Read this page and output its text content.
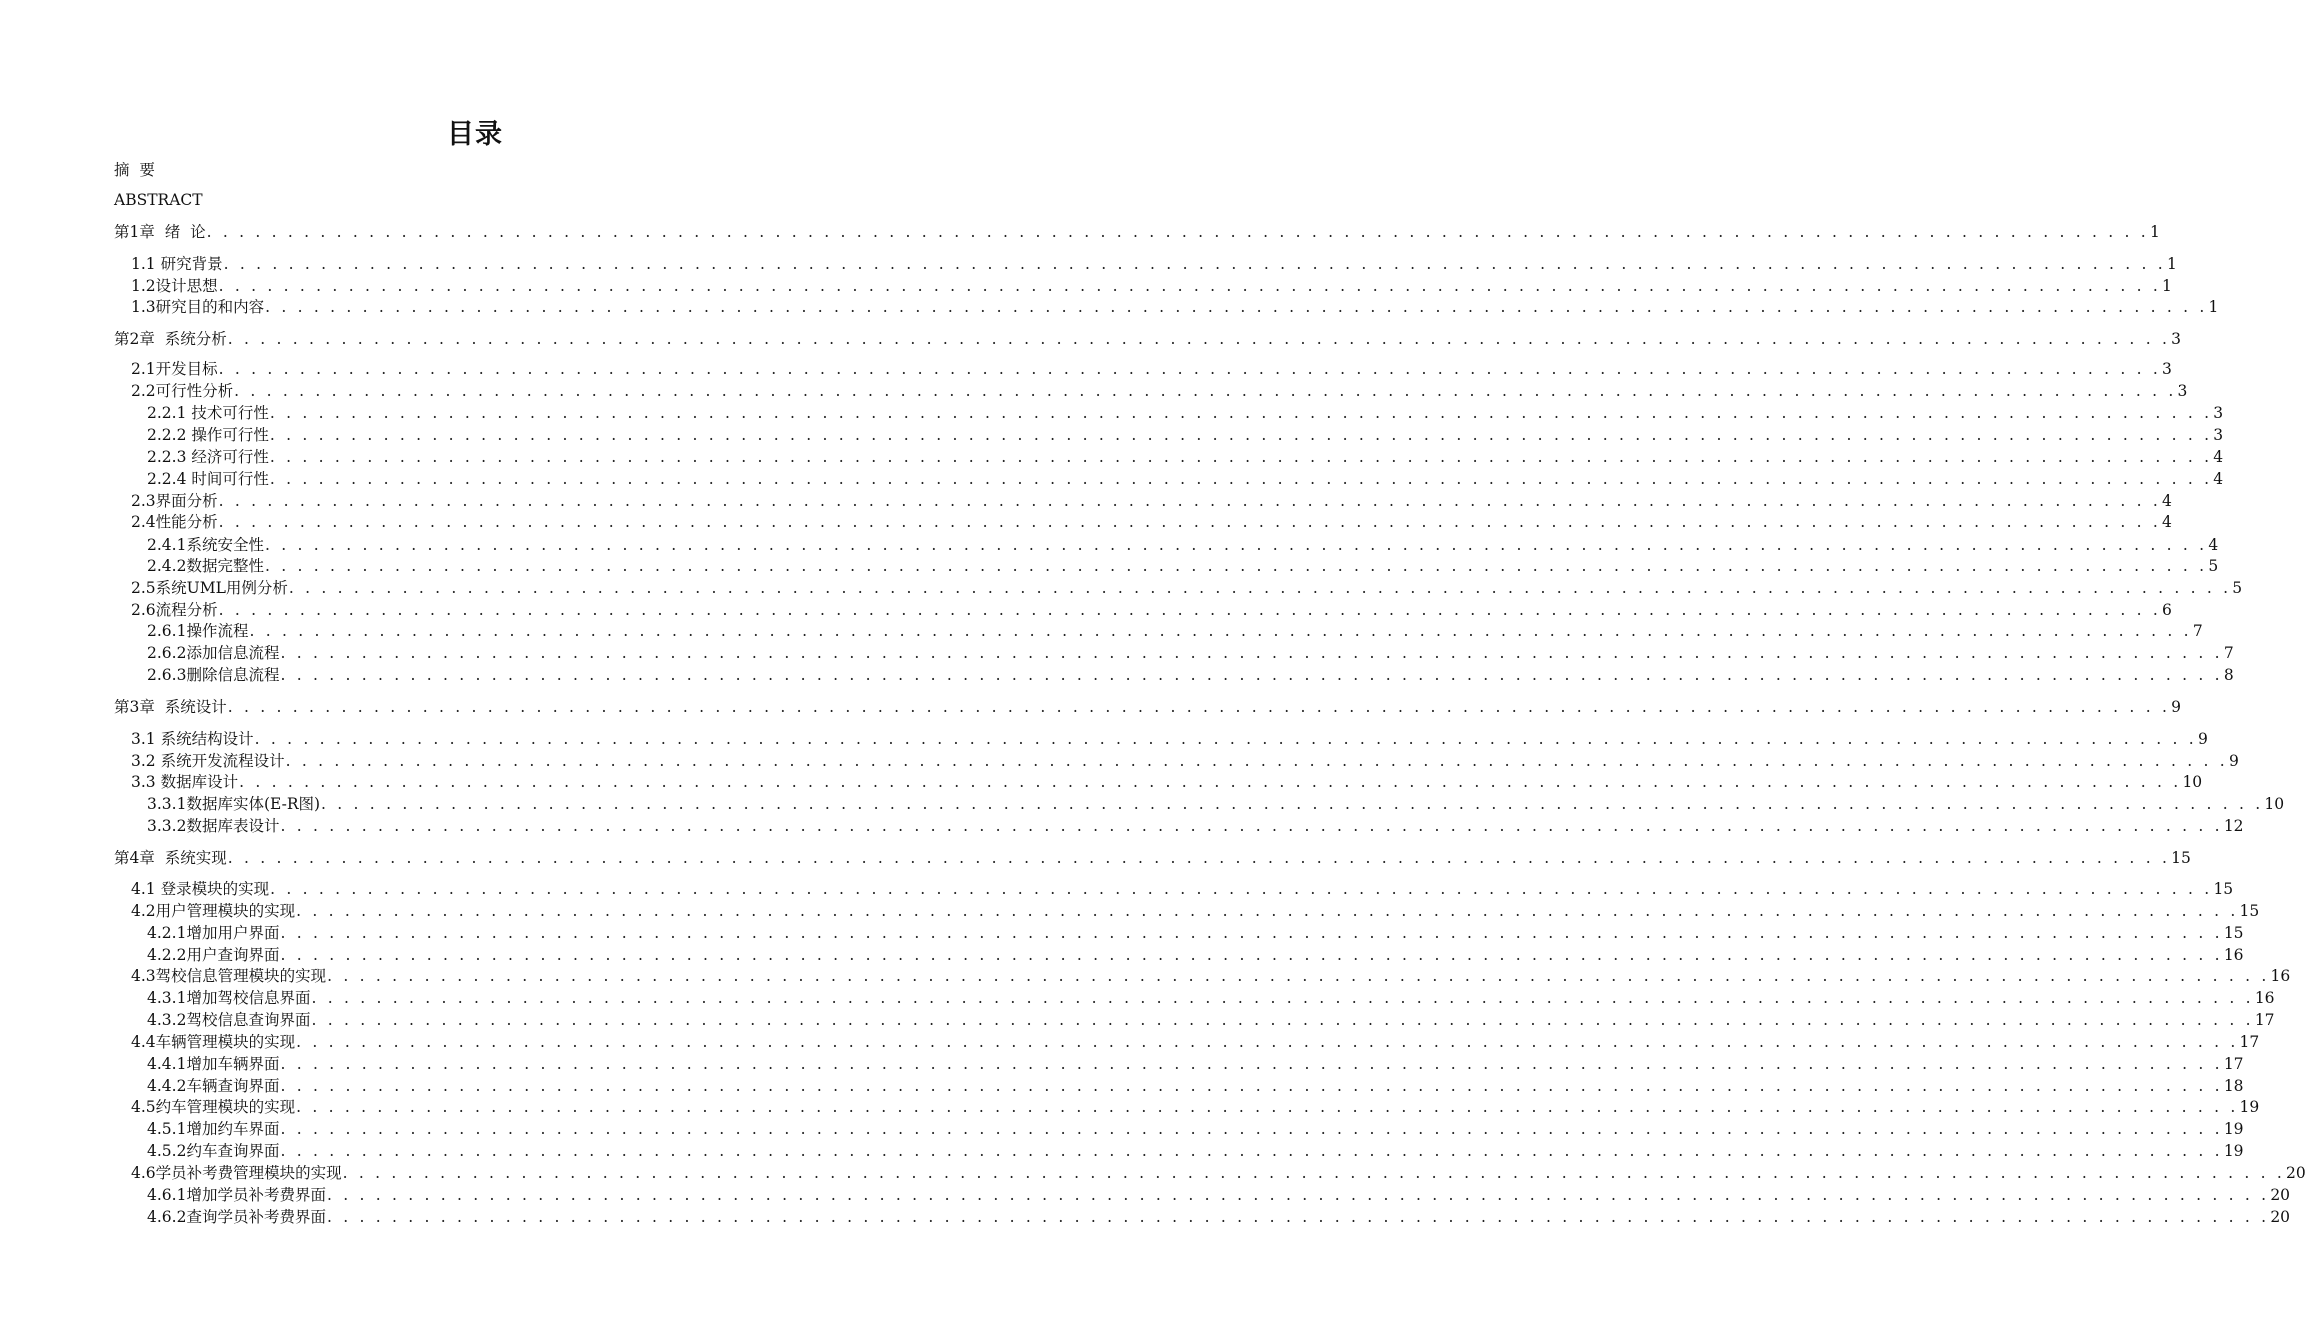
目录
摘  要
ABSTRACT
第1章  绪  论 . . . . . . . . . . . . . . . . . . . . . . . . . . . . . . . . . . . . . . . . . . . . . . . . . . . . . . . . . . . . . . . . . . . . . . . . . . . . . . . . . . . . . . . . . . . . . . . . . . . . . . . . . . . . . . . . . . . . . . . . 1
1.1 研究背景 . . . . . . . . . . . . . . . . . . . . . . . . . . . . . . . . . . . . . . . . . . . . . . . . . . . . . . . . . . . . . . . . . . . . . . . . . . . . . . . . . . . . . . . . . . . . . . . . . . . . . . . . . . . . . . . . . . . . . . . . 1
1.2设计思想 . . . . . . . . . . . . . . . . . . . . . . . . . . . . . . . . . . . . . . . . . . . . . . . . . . . . . . . . . . . . . . . . . . . . . . . . . . . . . . . . . . . . . . . . . . . . . . . . . . . . . . . . . . . . . . . . . . . . . . . . 1
1.3研究目的和内容 . . . . . . . . . . . . . . . . . . . . . . . . . . . . . . . . . . . . . . . . . . . . . . . . . . . . . . . . . . . . . . . . . . . . . . . . . . . . . . . . . . . . . . . . . . . . . . . . . . . . . . . . . . . . . . . . . . . . . . . . 1
第2章  系统分析 . . . . . . . . . . . . . . . . . . . . . . . . . . . . . . . . . . . . . . . . . . . . . . . . . . . . . . . . . . . . . . . . . . . . . . . . . . . . . . . . . . . . . . . . . . . . . . . . . . . . . . . . . . . . . . . . . . . . . . . . 3
2.1开发目标 . . . . . . . . . . . . . . . . . . . . . . . . . . . . . . . . . . . . . . . . . . . . . . . . . . . . . . . . . . . . . . . . . . . . . . . . . . . . . . . . . . . . . . . . . . . . . . . . . . . . . . . . . . . . . . . . . . . . . . . . 3
2.2可行性分析 . . . . . . . . . . . . . . . . . . . . . . . . . . . . . . . . . . . . . . . . . . . . . . . . . . . . . . . . . . . . . . . . . . . . . . . . . . . . . . . . . . . . . . . . . . . . . . . . . . . . . . . . . . . . . . . . . . . . . . . . 3
2.2.1 技术可行性 . . . . . . . . . . . . . . . . . . . . . . . . . . . . . . . . . . . . . . . . . . . . . . . . . . . . . . . . . . . . . . . . . . . . . . . . . . . . . . . . . . . . . . . . . . . . . . . . . . . . . . . . . . . . . . . . . . . . . . . . 3
2.2.2 操作可行性 . . . . . . . . . . . . . . . . . . . . . . . . . . . . . . . . . . . . . . . . . . . . . . . . . . . . . . . . . . . . . . . . . . . . . . . . . . . . . . . . . . . . . . . . . . . . . . . . . . . . . . . . . . . . . . . . . . . . . . . . 3
2.2.3 经济可行性 . . . . . . . . . . . . . . . . . . . . . . . . . . . . . . . . . . . . . . . . . . . . . . . . . . . . . . . . . . . . . . . . . . . . . . . . . . . . . . . . . . . . . . . . . . . . . . . . . . . . . . . . . . . . . . . . . . . . . . . . 4
2.2.4 时间可行性 . . . . . . . . . . . . . . . . . . . . . . . . . . . . . . . . . . . . . . . . . . . . . . . . . . . . . . . . . . . . . . . . . . . . . . . . . . . . . . . . . . . . . . . . . . . . . . . . . . . . . . . . . . . . . . . . . . . . . . . . 4
2.3界面分析 . . . . . . . . . . . . . . . . . . . . . . . . . . . . . . . . . . . . . . . . . . . . . . . . . . . . . . . . . . . . . . . . . . . . . . . . . . . . . . . . . . . . . . . . . . . . . . . . . . . . . . . . . . . . . . . . . . . . . . . . 4
2.4性能分析 . . . . . . . . . . . . . . . . . . . . . . . . . . . . . . . . . . . . . . . . . . . . . . . . . . . . . . . . . . . . . . . . . . . . . . . . . . . . . . . . . . . . . . . . . . . . . . . . . . . . . . . . . . . . . . . . . . . . . . . . 4
2.4.1系统安全性 . . . . . . . . . . . . . . . . . . . . . . . . . . . . . . . . . . . . . . . . . . . . . . . . . . . . . . . . . . . . . . . . . . . . . . . . . . . . . . . . . . . . . . . . . . . . . . . . . . . . . . . . . . . . . . . . . . . . . . . . 4
2.4.2数据完整性 . . . . . . . . . . . . . . . . . . . . . . . . . . . . . . . . . . . . . . . . . . . . . . . . . . . . . . . . . . . . . . . . . . . . . . . . . . . . . . . . . . . . . . . . . . . . . . . . . . . . . . . . . . . . . . . . . . . . . . . . 5
2.5系统UML用例分析 . . . . . . . . . . . . . . . . . . . . . . . . . . . . . . . . . . . . . . . . . . . . . . . . . . . . . . . . . . . . . . . . . . . . . . . . . . . . . . . . . . . . . . . . . . . . . . . . . . . . . . . . . . . . . . . . . . . . . . . . 5
2.6流程分析 . . . . . . . . . . . . . . . . . . . . . . . . . . . . . . . . . . . . . . . . . . . . . . . . . . . . . . . . . . . . . . . . . . . . . . . . . . . . . . . . . . . . . . . . . . . . . . . . . . . . . . . . . . . . . . . . . . . . . . . . 6
2.6.1操作流程 . . . . . . . . . . . . . . . . . . . . . . . . . . . . . . . . . . . . . . . . . . . . . . . . . . . . . . . . . . . . . . . . . . . . . . . . . . . . . . . . . . . . . . . . . . . . . . . . . . . . . . . . . . . . . . . . . . . . . . . . 7
2.6.2添加信息流程 . . . . . . . . . . . . . . . . . . . . . . . . . . . . . . . . . . . . . . . . . . . . . . . . . . . . . . . . . . . . . . . . . . . . . . . . . . . . . . . . . . . . . . . . . . . . . . . . . . . . . . . . . . . . . . . . . . . . . . . . 7
2.6.3删除信息流程 . . . . . . . . . . . . . . . . . . . . . . . . . . . . . . . . . . . . . . . . . . . . . . . . . . . . . . . . . . . . . . . . . . . . . . . . . . . . . . . . . . . . . . . . . . . . . . . . . . . . . . . . . . . . . . . . . . . . . . . . 8
第3章  系统设计 . . . . . . . . . . . . . . . . . . . . . . . . . . . . . . . . . . . . . . . . . . . . . . . . . . . . . . . . . . . . . . . . . . . . . . . . . . . . . . . . . . . . . . . . . . . . . . . . . . . . . . . . . . . . . . . . . . . . . . . . 9
3.1 系统结构设计 . . . . . . . . . . . . . . . . . . . . . . . . . . . . . . . . . . . . . . . . . . . . . . . . . . . . . . . . . . . . . . . . . . . . . . . . . . . . . . . . . . . . . . . . . . . . . . . . . . . . . . . . . . . . . . . . . . . . . . . . 9
3.2 系统开发流程设计 . . . . . . . . . . . . . . . . . . . . . . . . . . . . . . . . . . . . . . . . . . . . . . . . . . . . . . . . . . . . . . . . . . . . . . . . . . . . . . . . . . . . . . . . . . . . . . . . . . . . . . . . . . . . . . . . . . . . . . . . 9
3.3 数据库设计 . . . . . . . . . . . . . . . . . . . . . . . . . . . . . . . . . . . . . . . . . . . . . . . . . . . . . . . . . . . . . . . . . . . . . . . . . . . . . . . . . . . . . . . . . . . . . . . . . . . . . . . . . . . . . . . . . . . . . . . . 10
3.3.1数据库实体(E-R图) . . . . . . . . . . . . . . . . . . . . . . . . . . . . . . . . . . . . . . . . . . . . . . . . . . . . . . . . . . . . . . . . . . . . . . . . . . . . . . . . . . . . . . . . . . . . . . . . . . . . . . . . . . . . . . . . . . . . . . . . 10
3.3.2数据库表设计 . . . . . . . . . . . . . . . . . . . . . . . . . . . . . . . . . . . . . . . . . . . . . . . . . . . . . . . . . . . . . . . . . . . . . . . . . . . . . . . . . . . . . . . . . . . . . . . . . . . . . . . . . . . . . . . . . . . . . . . . 12
第4章  系统实现 . . . . . . . . . . . . . . . . . . . . . . . . . . . . . . . . . . . . . . . . . . . . . . . . . . . . . . . . . . . . . . . . . . . . . . . . . . . . . . . . . . . . . . . . . . . . . . . . . . . . . . . . . . . . . . . . . . . . . . . . 15
4.1 登录模块的实现 . . . . . . . . . . . . . . . . . . . . . . . . . . . . . . . . . . . . . . . . . . . . . . . . . . . . . . . . . . . . . . . . . . . . . . . . . . . . . . . . . . . . . . . . . . . . . . . . . . . . . . . . . . . . . . . . . . . . . . . . 15
4.2用户管理模块的实现 . . . . . . . . . . . . . . . . . . . . . . . . . . . . . . . . . . . . . . . . . . . . . . . . . . . . . . . . . . . . . . . . . . . . . . . . . . . . . . . . . . . . . . . . . . . . . . . . . . . . . . . . . . . . . . . . . . . . . . . . 15
4.2.1增加用户界面 . . . . . . . . . . . . . . . . . . . . . . . . . . . . . . . . . . . . . . . . . . . . . . . . . . . . . . . . . . . . . . . . . . . . . . . . . . . . . . . . . . . . . . . . . . . . . . . . . . . . . . . . . . . . . . . . . . . . . . . . 15
4.2.2用户查询界面 . . . . . . . . . . . . . . . . . . . . . . . . . . . . . . . . . . . . . . . . . . . . . . . . . . . . . . . . . . . . . . . . . . . . . . . . . . . . . . . . . . . . . . . . . . . . . . . . . . . . . . . . . . . . . . . . . . . . . . . . 16
4.3驾校信息管理模块的实现 . . . . . . . . . . . . . . . . . . . . . . . . . . . . . . . . . . . . . . . . . . . . . . . . . . . . . . . . . . . . . . . . . . . . . . . . . . . . . . . . . . . . . . . . . . . . . . . . . . . . . . . . . . . . . . . . . . . . . . . . 16
4.3.1增加驾校信息界面 . . . . . . . . . . . . . . . . . . . . . . . . . . . . . . . . . . . . . . . . . . . . . . . . . . . . . . . . . . . . . . . . . . . . . . . . . . . . . . . . . . . . . . . . . . . . . . . . . . . . . . . . . . . . . . . . . . . . . . . . 16
4.3.2驾校信息查询界面 . . . . . . . . . . . . . . . . . . . . . . . . . . . . . . . . . . . . . . . . . . . . . . . . . . . . . . . . . . . . . . . . . . . . . . . . . . . . . . . . . . . . . . . . . . . . . . . . . . . . . . . . . . . . . . . . . . . . . . . . 17
4.4车辆管理模块的实现 . . . . . . . . . . . . . . . . . . . . . . . . . . . . . . . . . . . . . . . . . . . . . . . . . . . . . . . . . . . . . . . . . . . . . . . . . . . . . . . . . . . . . . . . . . . . . . . . . . . . . . . . . . . . . . . . . . . . . . . . 17
4.4.1增加车辆界面 . . . . . . . . . . . . . . . . . . . . . . . . . . . . . . . . . . . . . . . . . . . . . . . . . . . . . . . . . . . . . . . . . . . . . . . . . . . . . . . . . . . . . . . . . . . . . . . . . . . . . . . . . . . . . . . . . . . . . . . . 17
4.4.2车辆查询界面 . . . . . . . . . . . . . . . . . . . . . . . . . . . . . . . . . . . . . . . . . . . . . . . . . . . . . . . . . . . . . . . . . . . . . . . . . . . . . . . . . . . . . . . . . . . . . . . . . . . . . . . . . . . . . . . . . . . . . . . . 18
4.5约车管理模块的实现 . . . . . . . . . . . . . . . . . . . . . . . . . . . . . . . . . . . . . . . . . . . . . . . . . . . . . . . . . . . . . . . . . . . . . . . . . . . . . . . . . . . . . . . . . . . . . . . . . . . . . . . . . . . . . . . . . . . . . . . . 19
4.5.1增加约车界面 . . . . . . . . . . . . . . . . . . . . . . . . . . . . . . . . . . . . . . . . . . . . . . . . . . . . . . . . . . . . . . . . . . . . . . . . . . . . . . . . . . . . . . . . . . . . . . . . . . . . . . . . . . . . . . . . . . . . . . . . 19
4.5.2约车查询界面 . . . . . . . . . . . . . . . . . . . . . . . . . . . . . . . . . . . . . . . . . . . . . . . . . . . . . . . . . . . . . . . . . . . . . . . . . . . . . . . . . . . . . . . . . . . . . . . . . . . . . . . . . . . . . . . . . . . . . . . . 19
4.6学员补考费管理模块的实现 . . . . . . . . . . . . . . . . . . . . . . . . . . . . . . . . . . . . . . . . . . . . . . . . . . . . . . . . . . . . . . . . . . . . . . . . . . . . . . . . . . . . . . . . . . . . . . . . . . . . . . . . . . . . . . . . . . . . . . . . 20
4.6.1增加学员补考费界面 . . . . . . . . . . . . . . . . . . . . . . . . . . . . . . . . . . . . . . . . . . . . . . . . . . . . . . . . . . . . . . . . . . . . . . . . . . . . . . . . . . . . . . . . . . . . . . . . . . . . . . . . . . . . . . . . . . . . . . . . 20
4.6.2查询学员补考费界面 . . . . . . . . . . . . . . . . . . . . . . . . . . . . . . . . . . . . . . . . . . . . . . . . . . . . . . . . . . . . . . . . . . . . . . . . . . . . . . . . . . . . . . . . . . . . . . . . . . . . . . . . . . . . . . . . . . . . . . . . 20
